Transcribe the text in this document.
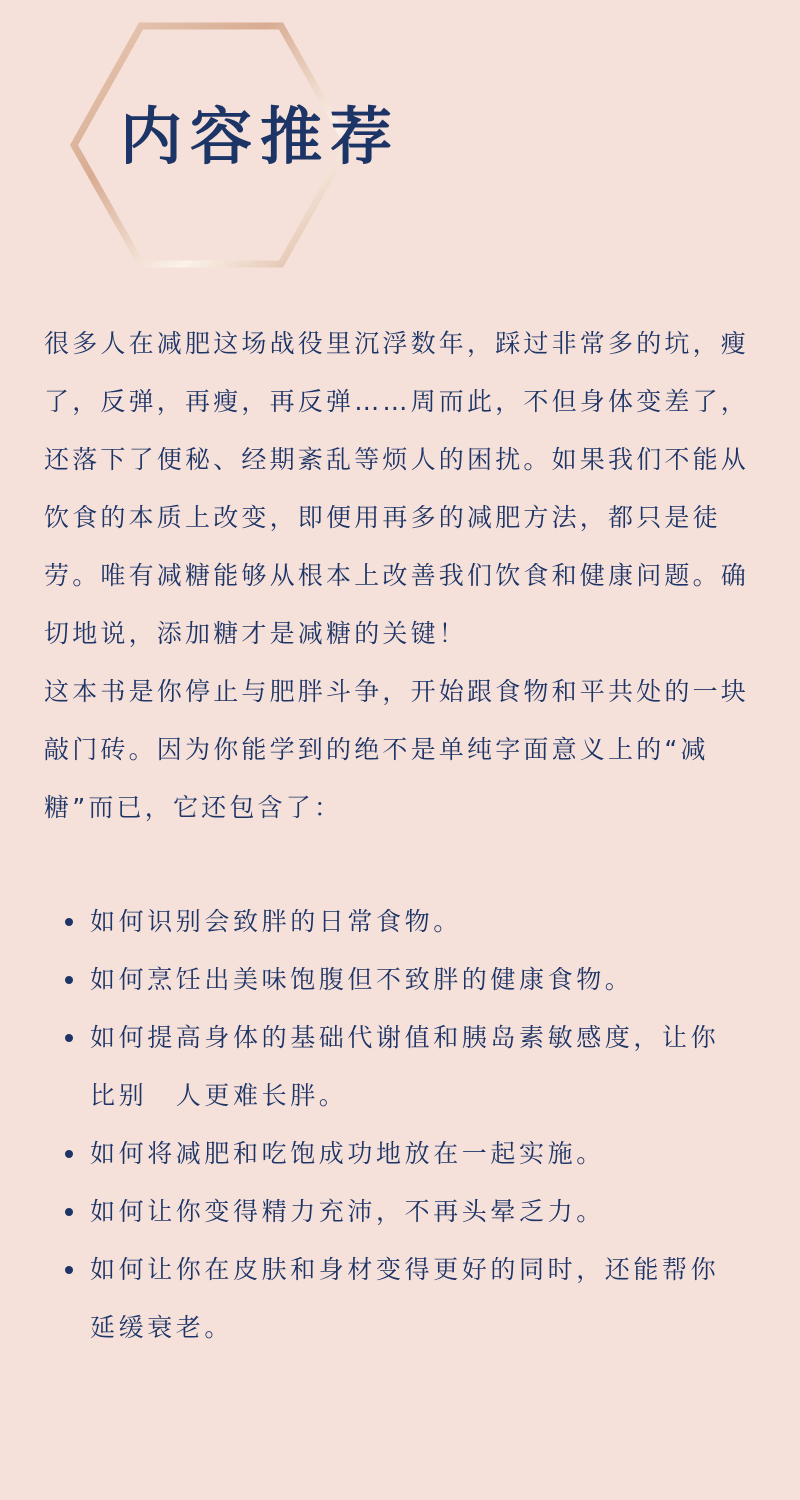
内容推荐

很多人在减肥这场战役里沉浮数年，踩过非常多的坑，瘦了，反弹，再瘦，再反弹……周而此，不但身体变差了，还落下了便秘、经期紊乱等烦人的困扰。如果我们不能从饮食的本质上改变，即便用再多的减肥方法，都只是徒劳。唯有减糖能够从根本上改善我们饮食和健康问题。确切地说，添加糖才是减糖的关键！

这本书是你停止与肥胖斗争，开始跟食物和平共处的一块敲门砖。因为你能学到的绝不是单纯字面意义上的“减糖”而已，它还包含了：

如何识别会致胖的日常食物。
如何烹饪出美味饱腹但不致胖的健康食物。
如何提高身体的基础代谢值和胰岛素敏感度，让你比别　人更难长胖。
如何将减肥和吃饱成功地放在一起实施。
如何让你变得精力充沛，不再头晕乏力。
如何让你在皮肤和身材变得更好的同时，还能帮你延缓衰老。
